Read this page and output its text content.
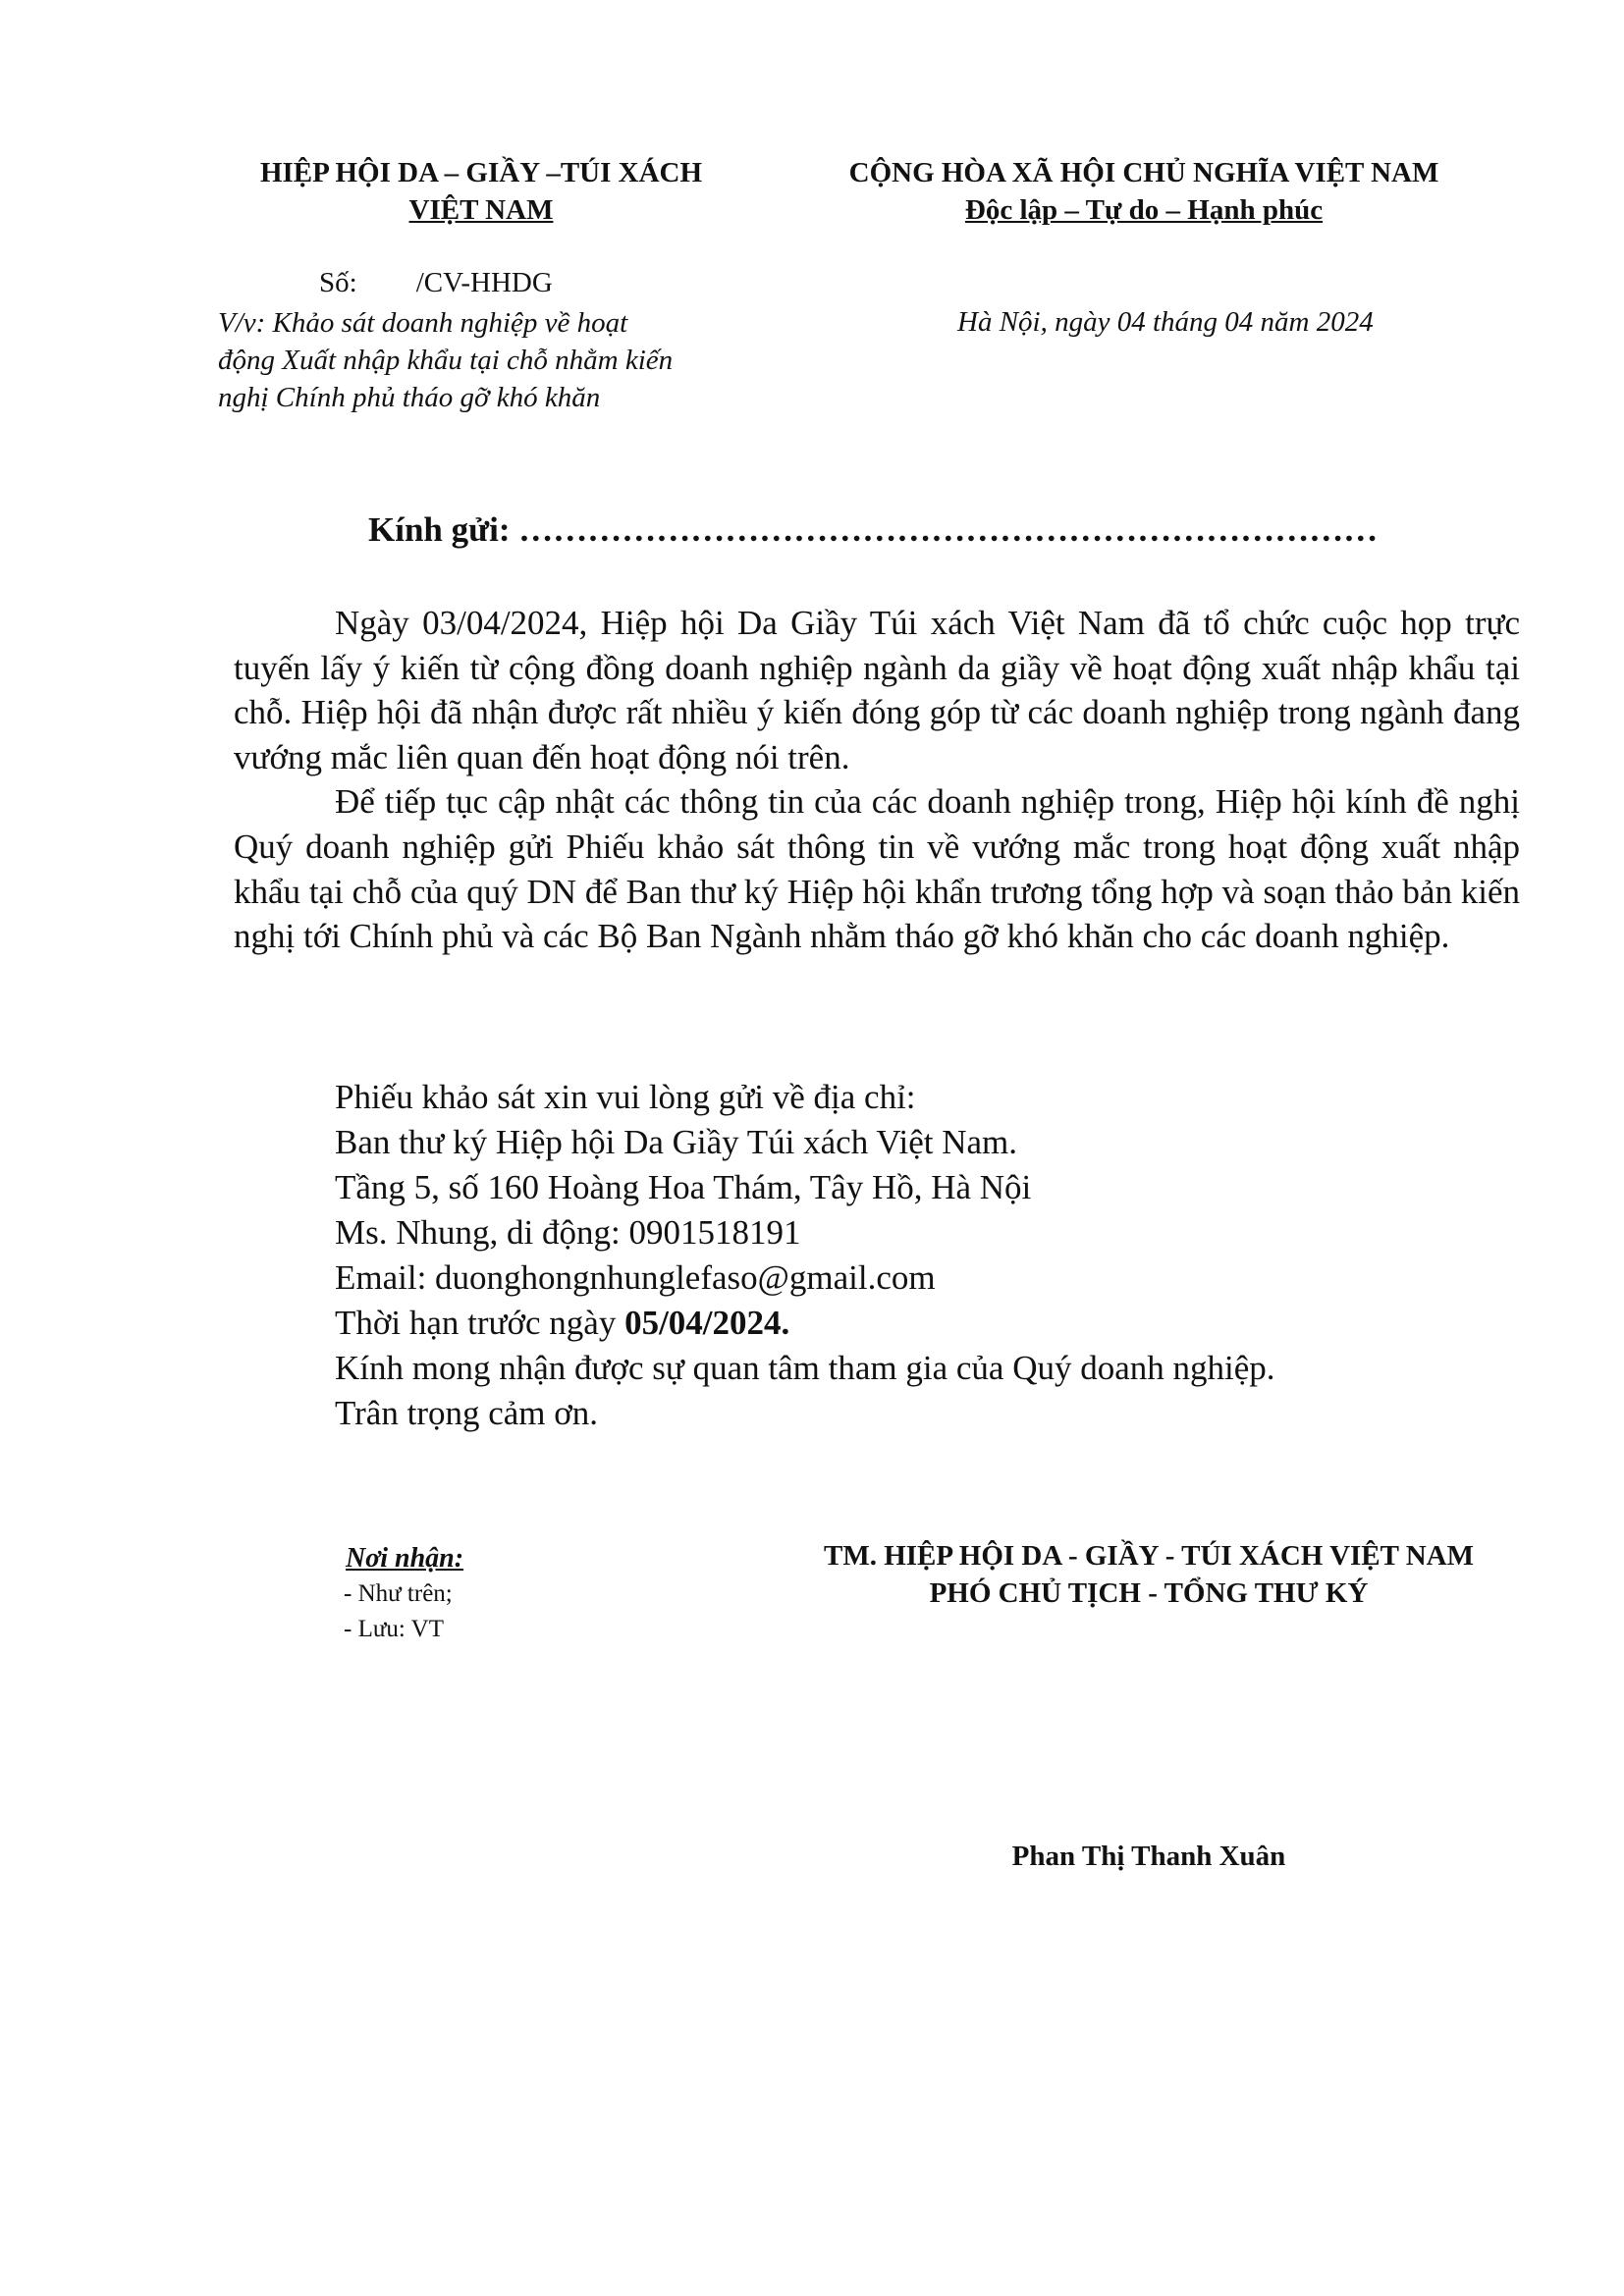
HIỆP HỘI DA – GIẦY –TÚI XÁCH
VIỆT NAM
CỘNG HÒA XÃ HỘI CHỦ NGHĨA VIỆT NAM
Độc lập – Tự do – Hạnh phúc
Số: /CV-HHDG
V/v: Khảo sát doanh nghiệp về hoạt
động Xuất nhập khẩu tại chỗ nhằm kiến
nghị Chính phủ tháo gỡ khó khăn
Hà Nội, ngày 04 tháng 04 năm 2024
Kính gửi: …………………………………………………………………

Ngày 03/04/2024, Hiệp hội Da Giầy Túi xách Việt Nam đã tổ chức cuộc họp trực tuyến lấy ý kiến từ cộng đồng doanh nghiệp ngành da giầy về hoạt động xuất nhập khẩu tại chỗ. Hiệp hội đã nhận được rất nhiều ý kiến đóng góp từ các doanh nghiệp trong ngành đang vướng mắc liên quan đến hoạt động nói trên.

Để tiếp tục cập nhật các thông tin của các doanh nghiệp trong, Hiệp hội kính đề nghị Quý doanh nghiệp gửi Phiếu khảo sát thông tin về vướng mắc trong hoạt động xuất nhập khẩu tại chỗ của quý DN để Ban thư ký Hiệp hội khẩn trương tổng hợp và soạn thảo bản kiến nghị tới Chính phủ và các Bộ Ban Ngành nhằm tháo gỡ khó khăn cho các doanh nghiệp.

Phiếu khảo sát xin vui lòng gửi về địa chỉ:
Ban thư ký Hiệp hội Da Giầy Túi xách Việt Nam.
Tầng 5, số 160 Hoàng Hoa Thám, Tây Hồ, Hà Nội
Ms. Nhung, di động: 0901518191
Email: duonghongnhunglefaso@gmail.com
Thời hạn trước ngày 05/04/2024.
Kính mong nhận được sự quan tâm tham gia của Quý doanh nghiệp.
Trân trọng cảm ơn.
Nơi nhận:
- Như trên;
- Lưu: VT
TM. HIỆP HỘI DA - GIẦY - TÚI XÁCH VIỆT NAM
PHÓ CHỦ TỊCH - TỔNG THƯ KÝ
Phan Thị Thanh Xuân
